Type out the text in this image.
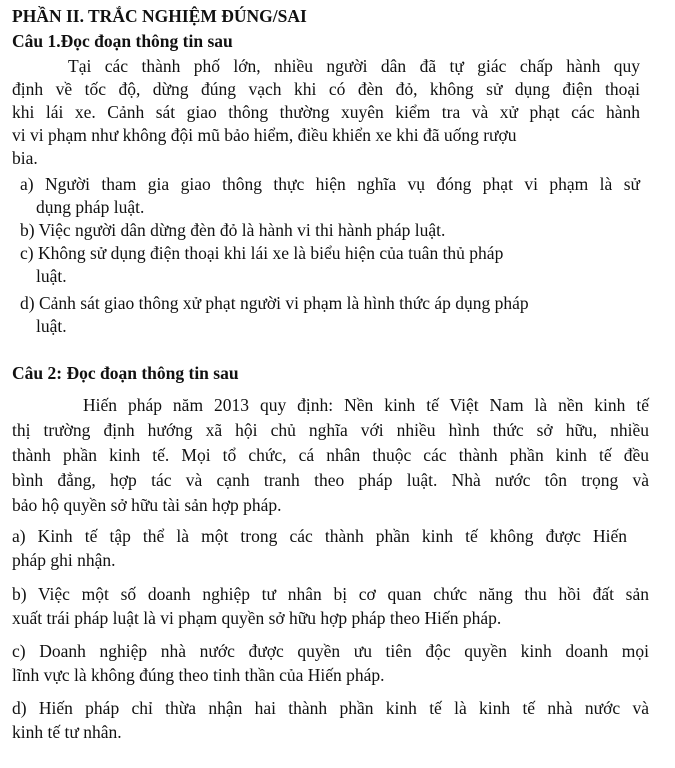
PHẦN II. TRẮC NGHIỆM ĐÚNG/SAI
Câu 1.Đọc đoạn thông tin sau
Tại các thành phố lớn, nhiều người dân đã tự giác chấp hành quy
định về tốc độ, dừng đúng vạch khi có đèn đỏ, không sử dụng điện thoại
khi lái xe. Cảnh sát giao thông thường xuyên kiểm tra và xử phạt các hành
vi vi phạm như không đội mũ bảo hiểm, điều khiển xe khi đã uống rượu
bia.
a) Người tham gia giao thông thực hiện nghĩa vụ đóng phạt vi phạm là sử
dụng pháp luật.
b) Việc người dân dừng đèn đỏ là hành vi thi hành pháp luật.
c) Không sử dụng điện thoại khi lái xe là biểu hiện của tuân thủ pháp
luật.
d) Cảnh sát giao thông xử phạt người vi phạm là hình thức áp dụng pháp
luật.
Câu 2: Đọc đoạn thông tin sau
Hiến pháp năm 2013 quy định: Nền kinh tế Việt Nam là nền kinh tế
thị trường định hướng xã hội chủ nghĩa với nhiều hình thức sở hữu, nhiều
thành phần kinh tế. Mọi tổ chức, cá nhân thuộc các thành phần kinh tế đều
bình đẳng, hợp tác và cạnh tranh theo pháp luật. Nhà nước tôn trọng và
bảo hộ quyền sở hữu tài sản hợp pháp.
a) Kinh tế tập thể là một trong các thành phần kinh tế không được Hiến
pháp ghi nhận.
b) Việc một số doanh nghiệp tư nhân bị cơ quan chức năng thu hồi đất sản
xuất trái pháp luật là vi phạm quyền sở hữu hợp pháp theo Hiến pháp.
c) Doanh nghiệp nhà nước được quyền ưu tiên độc quyền kinh doanh mọi
lĩnh vực là không đúng theo tinh thần của Hiến pháp.
d) Hiến pháp chỉ thừa nhận hai thành phần kinh tế là kinh tế nhà nước và
kinh tế tư nhân.
